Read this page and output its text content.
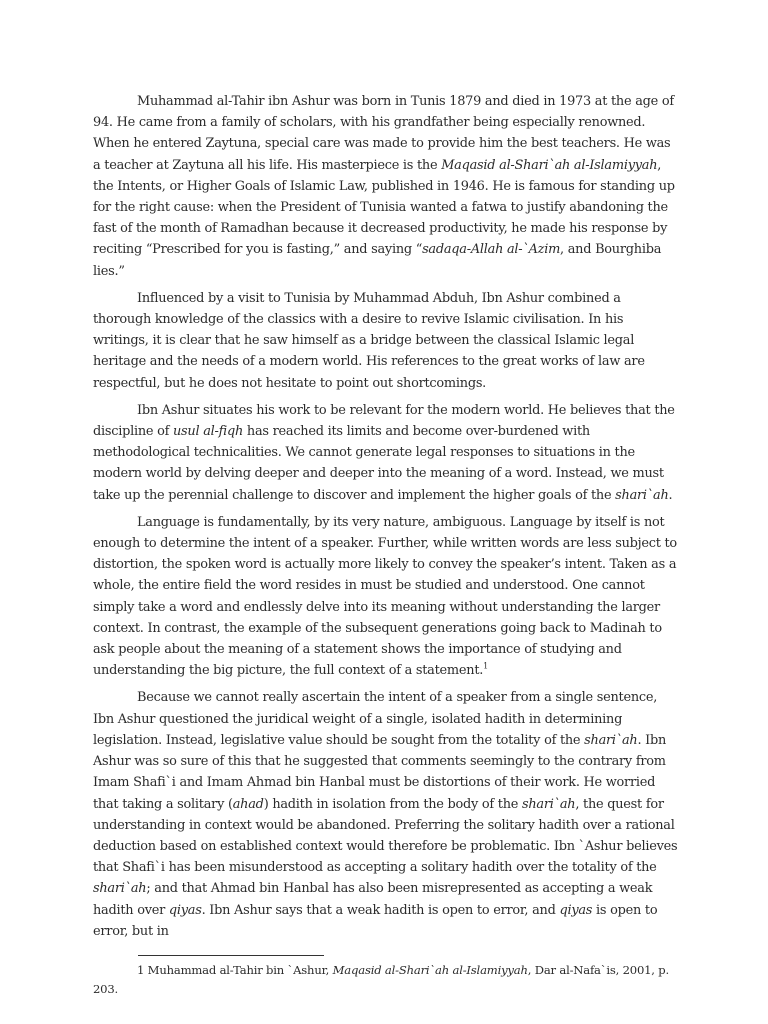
Muhammad al-Tahir ibn Ashur was born in Tunis 1879 and died in 1973 at the age of 94. He came from a family of scholars, with his grandfather being especially renowned. When he entered Zaytuna, special care was made to provide him the best teachers. He was a teacher at Zaytuna all his life. His masterpiece is the Maqasid al-Shari`ah al-Islamiyyah, the Intents, or Higher Goals of Islamic Law, published in 1946. He is famous for standing up for the right cause: when the President of Tunisia wanted a fatwa to justify abandoning the fast of the month of Ramadhan because it decreased productivity, he made his response by reciting “Prescribed for you is fasting,” and saying “sadaqa-Allah al-`Azim, and Bourghiba lies.”

Influenced by a visit to Tunisia by Muhammad Abduh, Ibn Ashur combined a thorough knowledge of the classics with a desire to revive Islamic civilisation. In his writings, it is clear that he saw himself as a bridge between the classical Islamic legal heritage and the needs of a modern world. His references to the great works of law are respectful, but he does not hesitate to point out shortcomings.

Ibn Ashur situates his work to be relevant for the modern world. He believes that the discipline of usul al-fiqh has reached its limits and become over-burdened with methodological technicalities. We cannot generate legal responses to situations in the modern world by delving deeper and deeper into the meaning of a word. Instead, we must take up the perennial challenge to discover and implement the higher goals of the shari`ah.

Language is fundamentally, by its very nature, ambiguous. Language by itself is not enough to determine the intent of a speaker. Further, while written words are less subject to distortion, the spoken word is actually more likely to convey the speaker’s intent. Taken as a whole, the entire field the word resides in must be studied and understood. One cannot simply take a word and endlessly delve into its meaning without understanding the larger context. In contrast, the example of the subsequent generations going back to Madinah to ask people about the meaning of a statement shows the importance of studying and understanding the big picture, the full context of a statement.$^1$

Because we cannot really ascertain the intent of a speaker from a single sentence, Ibn Ashur questioned the juridical weight of a single, isolated hadith in determining legislation. Instead, legislative value should be sought from the totality of the shari`ah. Ibn Ashur was so sure of this that he suggested that comments seemingly to the contrary from Imam Shafi`i and Imam Ahmad bin Hanbal must be distortions of their work. He worried that taking a solitary (ahad) hadith in isolation from the body of the shari`ah, the quest for understanding in context would be abandoned. Preferring the solitary hadith over a rational deduction based on established context would therefore be problematic. Ibn `Ashur believes that Shafi`i has been misunderstood as accepting a solitary hadith over the totality of the shari`ah; and that Ahmad bin Hanbal has also been misrepresented as accepting a weak hadith over qiyas. Ibn Ashur says that a weak hadith is open to error, and qiyas is open to error, but in

1 Muhammad al-Tahir bin `Ashur, Maqasid al-Shari`ah al-Islamiyyah, Dar al-Nafa`is, 2001, p. 203.
